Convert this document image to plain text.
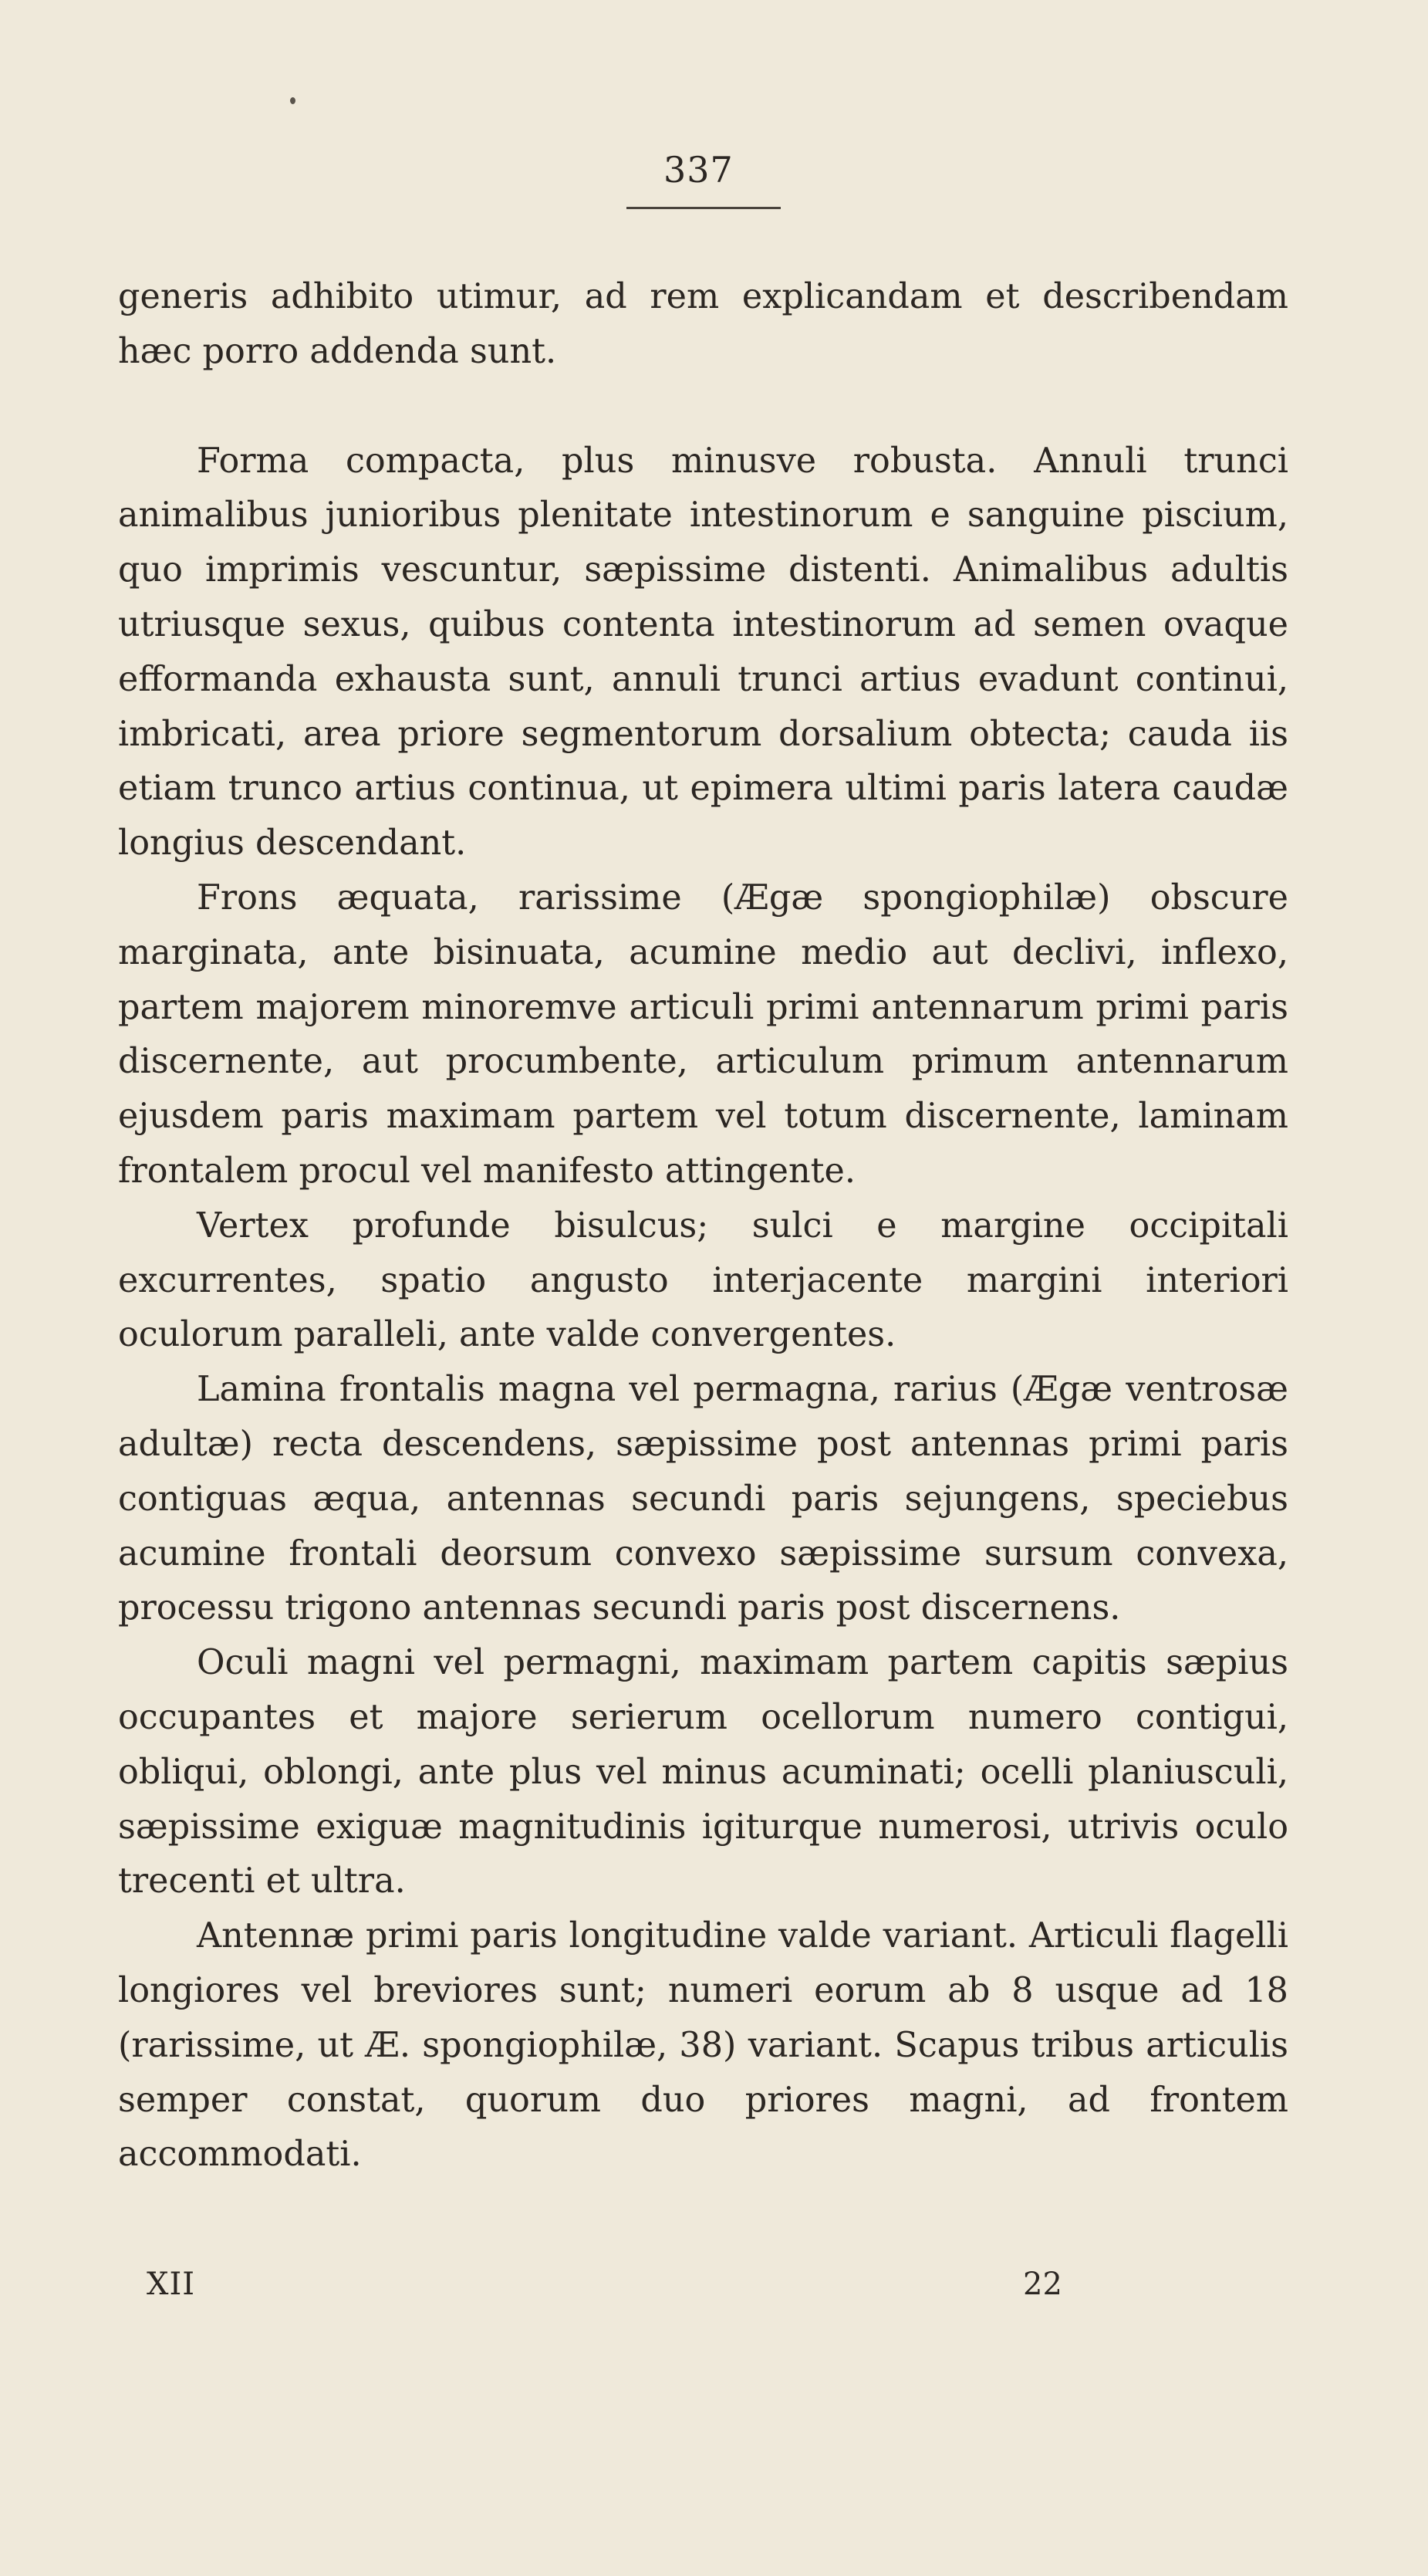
337

generis adhibito utimur, ad rem explicandam et describendam hæc porro addenda sunt.

Forma compacta, plus minusve robusta. Annuli trunci animalibus junioribus plenitate intestinorum e sanguine piscium, quo imprimis vescuntur, sæpissime distenti. Animalibus adultis utriusque sexus, quibus contenta intestinorum ad semen ovaque efformanda exhausta sunt, annuli trunci artius evadunt continui, imbricati, area priore segmentorum dorsalium obtecta; cauda iis etiam trunco artius continua, ut epimera ultimi paris latera caudæ longius descendant.

Frons æquata, rarissime (Ægæ spongiophilæ) obscure marginata, ante bisinuata, acumine medio aut declivi, inflexo, partem majorem minoremve articuli primi antennarum primi paris discernente, aut procumbente, articulum primum antennarum ejusdem paris maximam partem vel totum discernente, laminam frontalem procul vel manifesto attingente.

Vertex profunde bisulcus; sulci e margine occipitali excurrentes, spatio angusto interjacente margini interiori oculorum paralleli, ante valde convergentes.

Lamina frontalis magna vel permagna, rarius (Ægæ ventrosæ adultæ) recta descendens, sæpissime post antennas primi paris contiguas æqua, antennas secundi paris sejungens, speciebus acumine frontali deorsum convexo sæpissime sursum convexa, processu trigono antennas secundi paris post discernens.

Oculi magni vel permagni, maximam partem capitis sæpius occupantes et majore serierum ocellorum numero contigui, obliqui, oblongi, ante plus vel minus acuminati; ocelli planiusculi, sæpissime exiguæ magnitudinis igiturque numerosi, utrivis oculo trecenti et ultra.

Antennæ primi paris longitudine valde variant. Articuli flagelli longiores vel breviores sunt; numeri eorum ab 8 usque ad 18 (rarissime, ut Æ. spongiophilæ, 38) variant. Scapus tribus articulis semper constat, quorum duo priores magni, ad frontem accommodati.

XII	22
